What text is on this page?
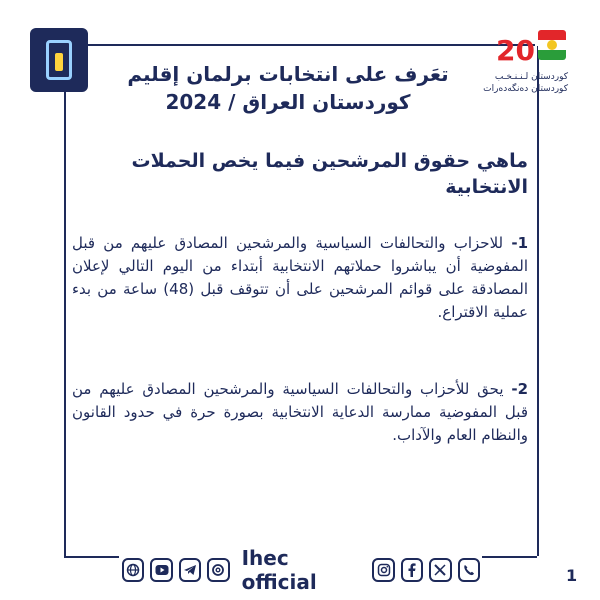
20
كوردستان لـنـنـخـب
كوردستان دەنگەدەرات
تعَرف على انتخابات برلمان إقليم
كوردستان العراق / 2024
ماهي حقوق المرشحين فيما يخص الحملات الانتخابية
1- للاحزاب والتحالفات السياسية والمرشحين المصادق عليهم من قبل المفوضية أن يباشروا حملاتهم الانتخابية أبتداء من اليوم التالي لإعلان المصادقة على قوائم المرشحين على أن تتوقف قبل (48) ساعة من بدء عملية الاقتراع.
2- يحق للأحزاب والتحالفات السياسية والمرشحين المصادق عليهم من قبل المفوضية ممارسة الدعاية الانتخابية بصورة حرة في حدود القانون والنظام العام والآداب.
Ihec official	1
